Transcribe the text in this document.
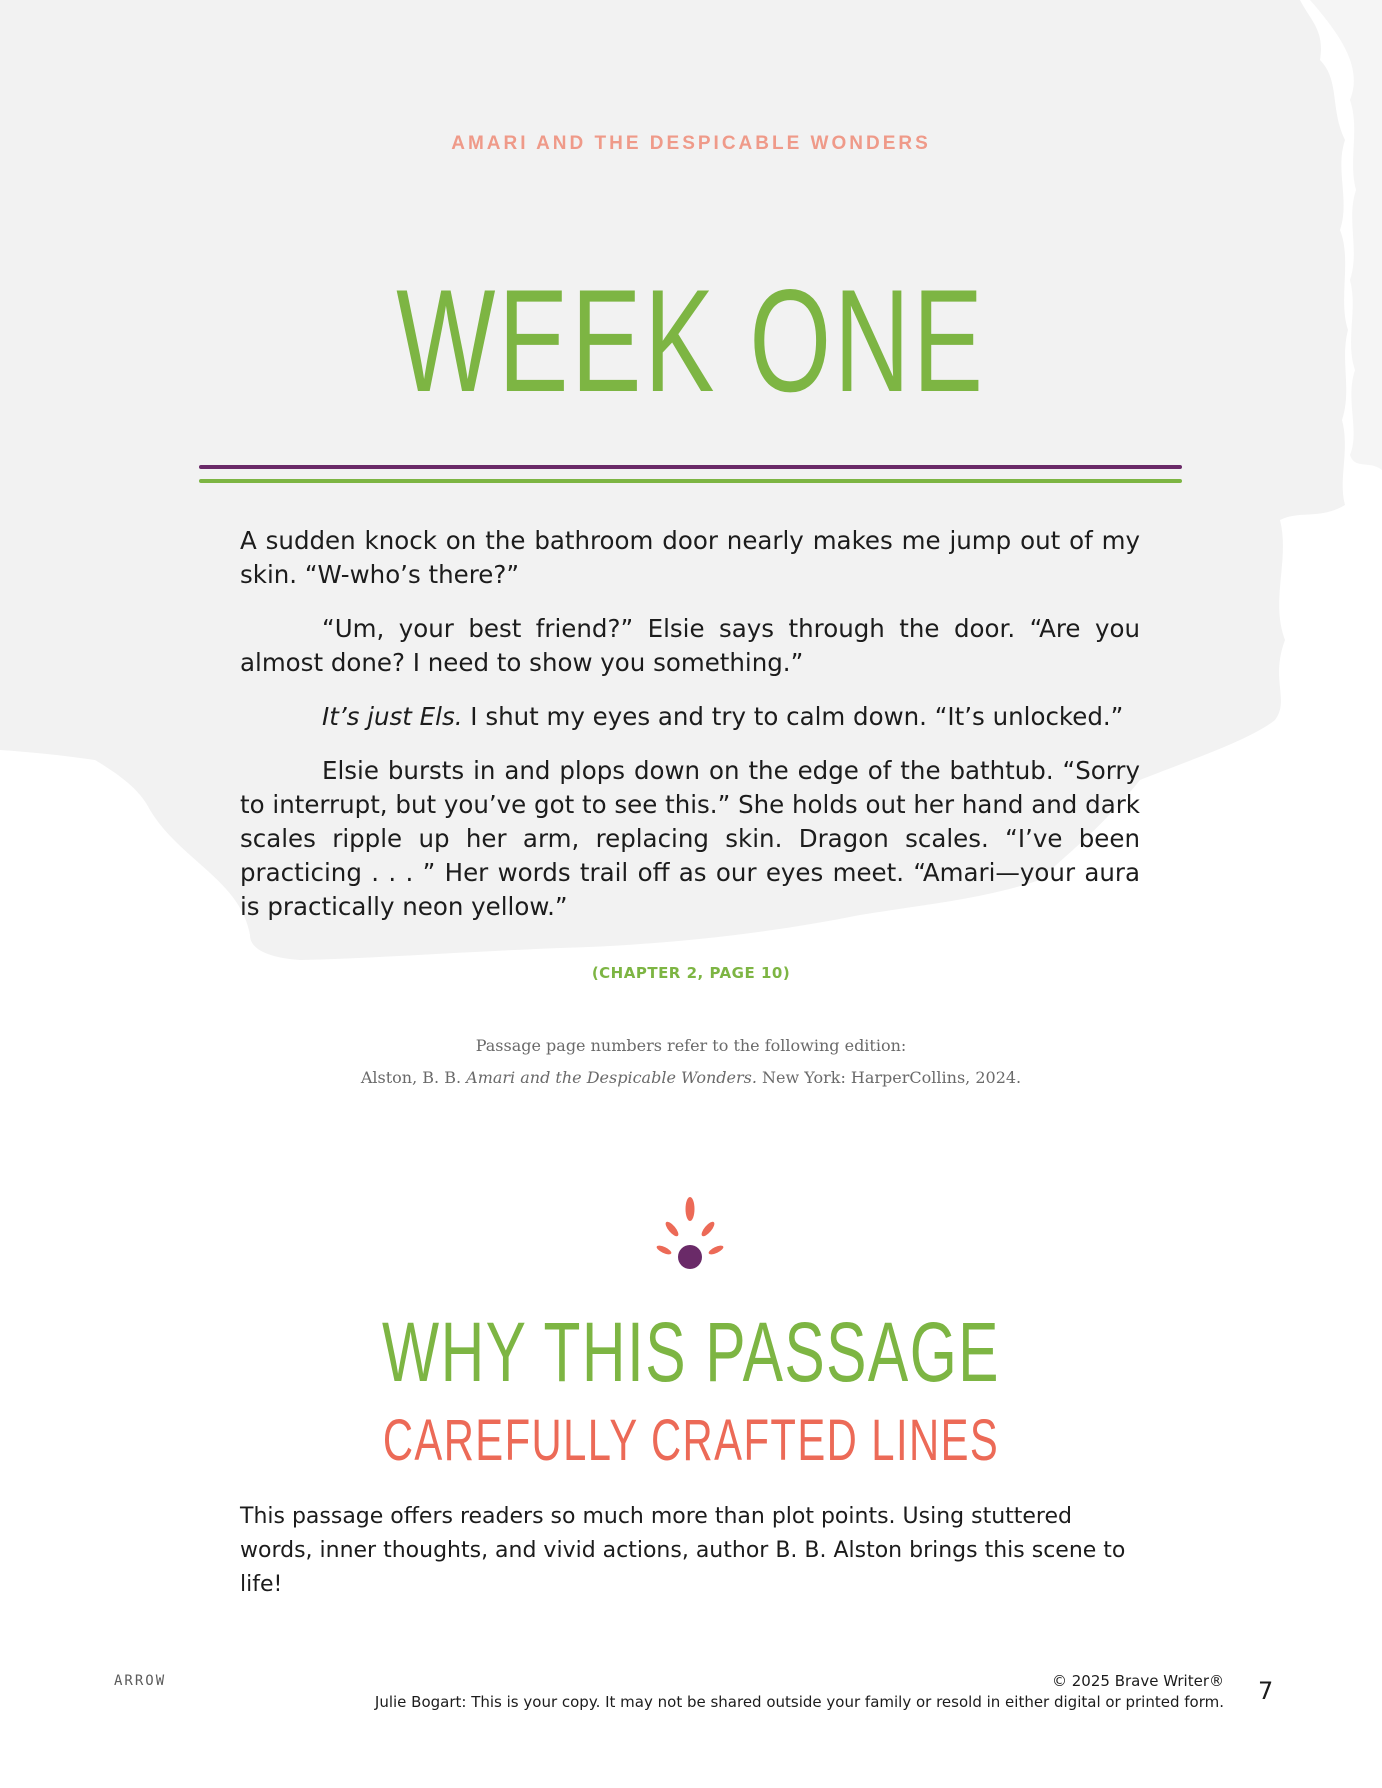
AMARI AND THE DESPICABLE WONDERS
WEEK ONE

A sudden knock on the bathroom door nearly makes me jump out of my skin. “W-who’s there?”

“Um, your best friend?” Elsie says through the door. “Are you almost done? I need to show you something.”

It’s just Els. I shut my eyes and try to calm down. “It’s unlocked.”

Elsie bursts in and plops down on the edge of the bathtub. “Sorry to interrupt, but you’ve got to see this.” She holds out her hand and dark scales ripple up her arm, replacing skin. Dragon scales. “I’ve been practicing . . . ” Her words trail off as our eyes meet. “Amari—your aura is practically neon yellow.”

(CHAPTER 2, PAGE 10)
Passage page numbers refer to the following edition:
Alston, B. B. Amari and the Despicable Wonders. New York: HarperCollins, 2024.
WHY THIS PASSAGE
CAREFULLY CRAFTED LINES
This passage offers readers so much more than plot points. Using stuttered words, inner thoughts, and vivid actions, author B. B. Alston brings this scene to life!
ARROW	© 2025 Brave Writer®
Julie Bogart: This is your copy. It may not be shared outside your family or resold in either digital or printed form. 7
